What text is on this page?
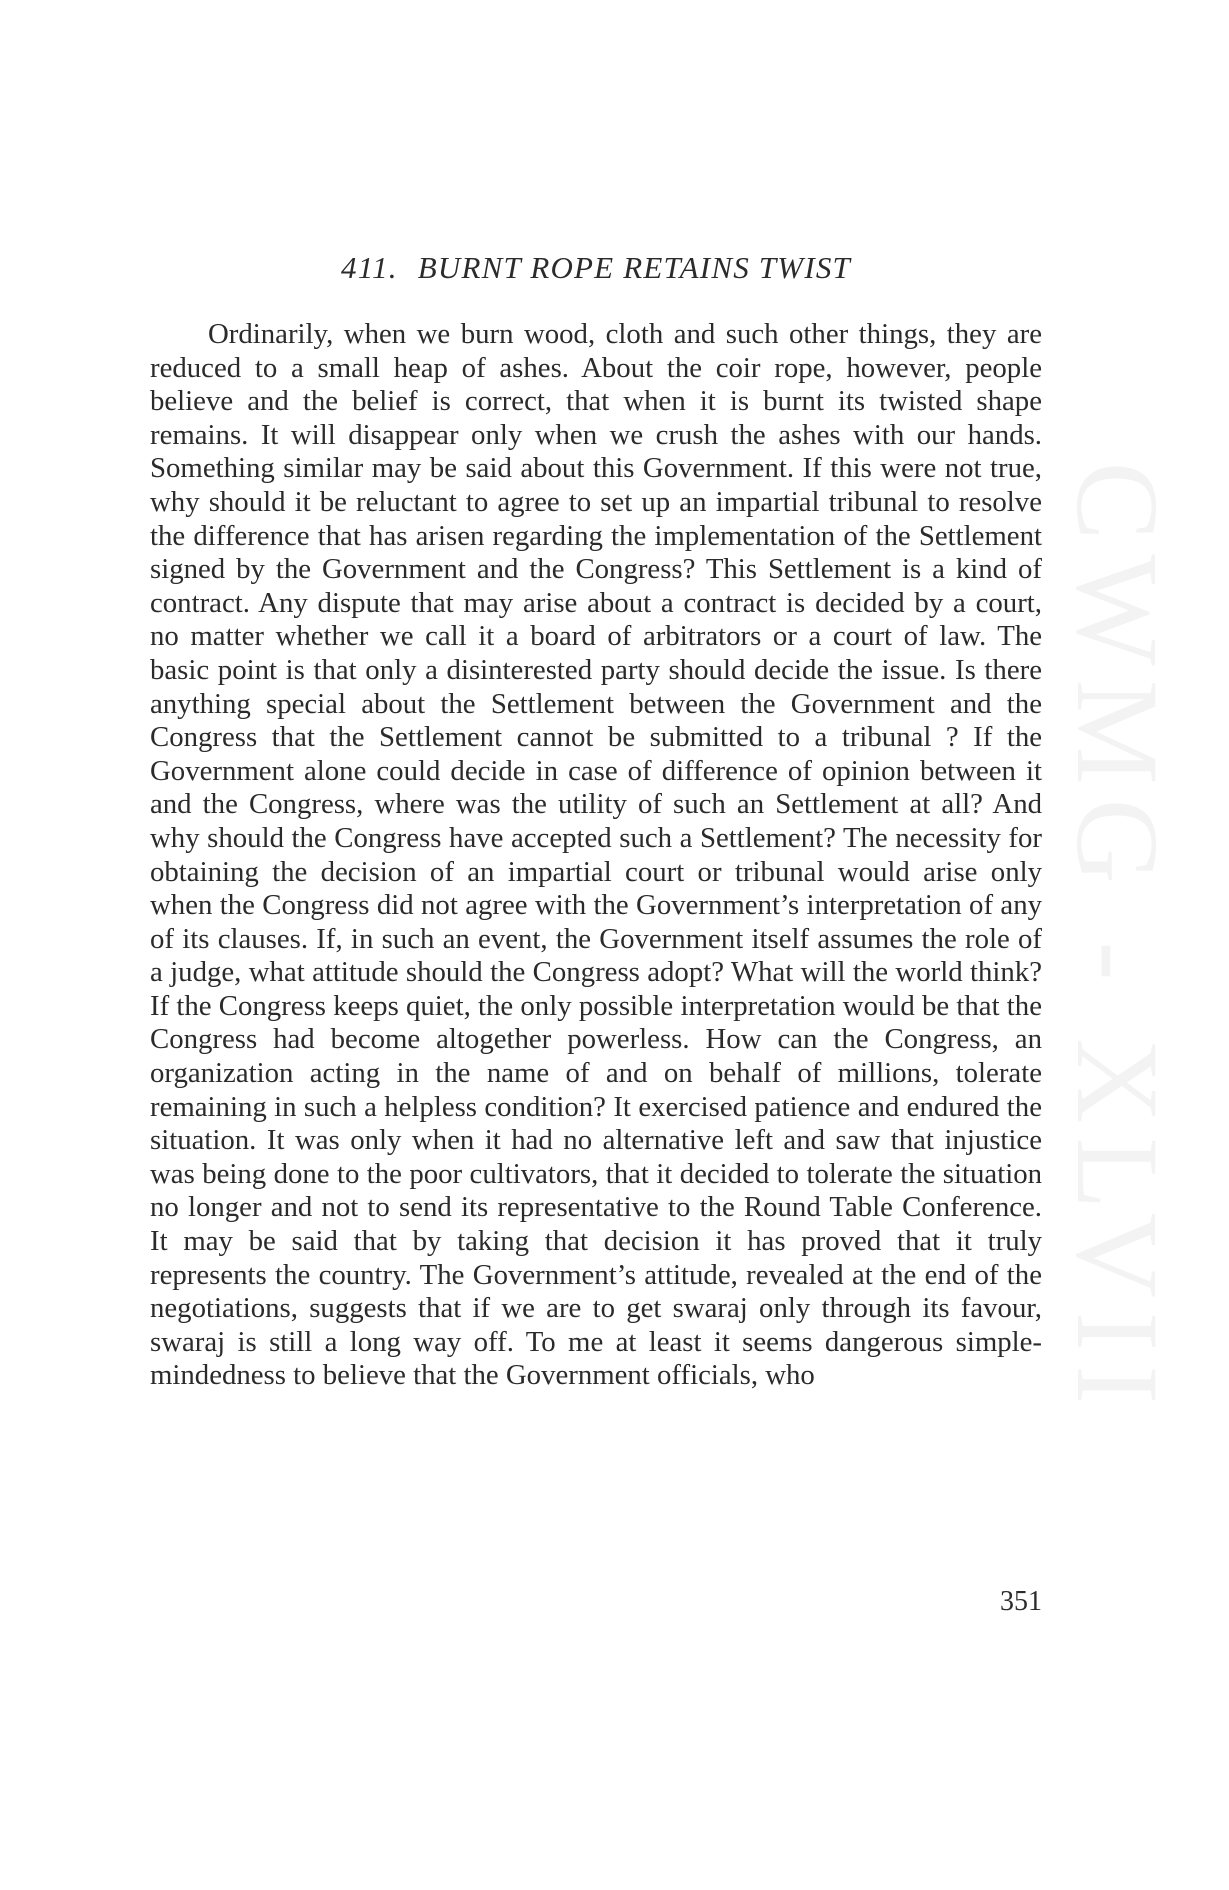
411. BURNT ROPE RETAINS TWIST

Ordinarily, when we burn wood, cloth and such other things, they are reduced to a small heap of ashes. About the coir rope, however, people believe and the belief is correct, that when it is burnt its twisted shape remains. It will disappear only when we crush the ashes with our hands. Something similar may be said about this Government. If this were not true, why should it be reluctant to agree to set up an impartial tribunal to resolve the difference that has arisen regarding the implementation of the Settlement signed by the Government and the Congress? This Settlement is a kind of contract. Any dispute that may arise about a contract is decided by a court, no matter whether we call it a board of arbitrators or a court of law. The basic point is that only a disinterested party should decide the issue. Is there anything special about the Settlement between the Government and the Congress that the Settlement cannot be submitted to a tribunal ? If the Government alone could decide in case of difference of opinion between it and the Congress, where was the utility of such an Settlement at all? And why should the Congress have accepted such a Settlement? The necessity for obtaining the decision of an impartial court or tribunal would arise only when the Congress did not agree with the Government’s interpretation of any of its clauses. If, in such an event, the Government itself assumes the role of a judge, what attitude should the Congress adopt? What will the world think? If the Congress keeps quiet, the only possible interpretation would be that the Congress had become altogether powerless. How can the Congress, an organization acting in the name of and on behalf of millions, tolerate remaining in such a helpless condition? It exercised patience and endured the situation. It was only when it had no alternative left and saw that injustice was being done to the poor cultivators, that it decided to tolerate the situation no longer and not to send its representative to the Round Table Conference. It may be said that by taking that decision it has proved that it truly represents the country. The Government’s attitude, revealed at the end of the negotiations, suggests that if we are to get swaraj only through its favour, swaraj is still a long way off. To me at least it seems dangerous simple-mindedness to believe that the Government officials, who

351
